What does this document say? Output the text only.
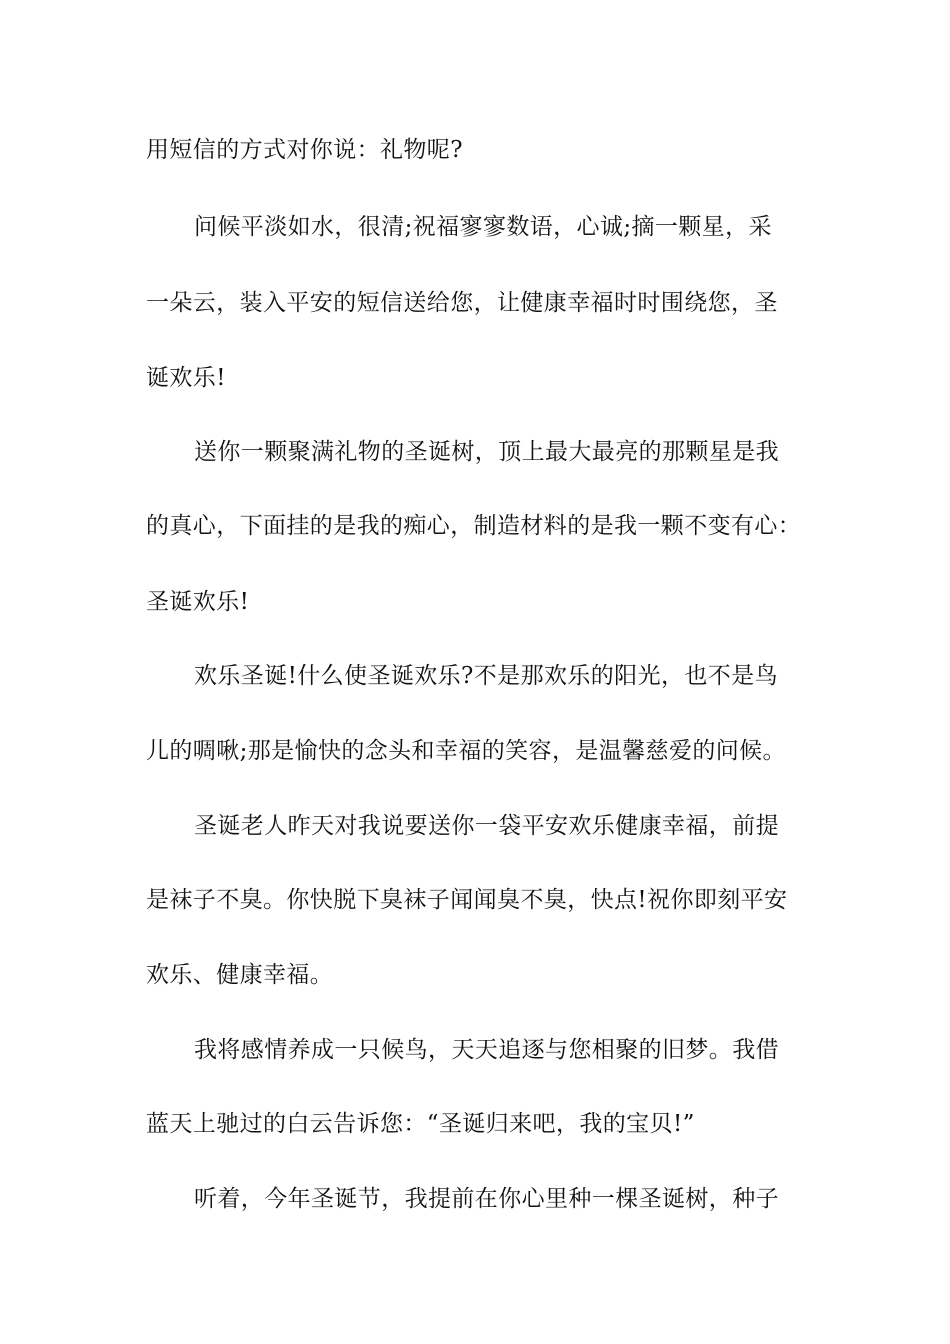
用短信的方式对你说：礼物呢?
问候平淡如水，很清;祝福寥寥数语，心诚;摘一颗星，采
一朵云，装入平安的短信送给您，让健康幸福时时围绕您，圣
诞欢乐!
送你一颗聚满礼物的圣诞树，顶上最大最亮的那颗星是我
的真心，下面挂的是我的痴心，制造材料的是我一颗不变有心：
圣诞欢乐!
欢乐圣诞!什么使圣诞欢乐?不是那欢乐的阳光，也不是鸟
儿的啁啾;那是愉快的念头和幸福的笑容，是温馨慈爱的问候。
圣诞老人昨天对我说要送你一袋平安欢乐健康幸福，前提
是袜子不臭。你快脱下臭袜子闻闻臭不臭，快点!祝你即刻平安
欢乐、健康幸福。
我将感情养成一只候鸟，天天追逐与您相聚的旧梦。我借
蓝天上驰过的白云告诉您：“圣诞归来吧，我的宝贝!”
听着，今年圣诞节，我提前在你心里种一棵圣诞树，种子
